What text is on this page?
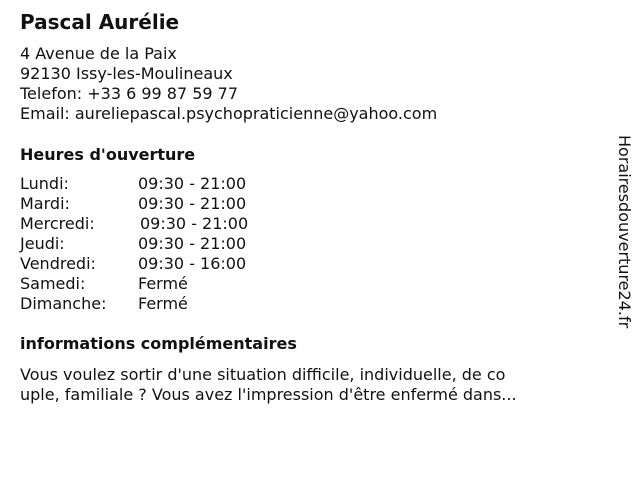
Pascal Aurélie
4 Avenue de la Paix
92130 Issy-les-Moulineaux
Telefon: +33 6 99 87 59 77
Email: aureliepascal.psychopraticienne@yahoo.com
Heures d'ouverture
Lundi:	09:30 - 21:00
Mardi:	09:30 - 21:00
Mercredi:	09:30 - 21:00
Jeudi:	09:30 - 21:00
Vendredi:	09:30 - 16:00
Samedi:	Fermé
Dimanche: Fermé
informations complémentaires
Vous voulez sortir d'une situation difficile, individuelle, de co
uple, familiale ? Vous avez l'impression d'être enfermé dans...
Horairesdouverture24.fr
